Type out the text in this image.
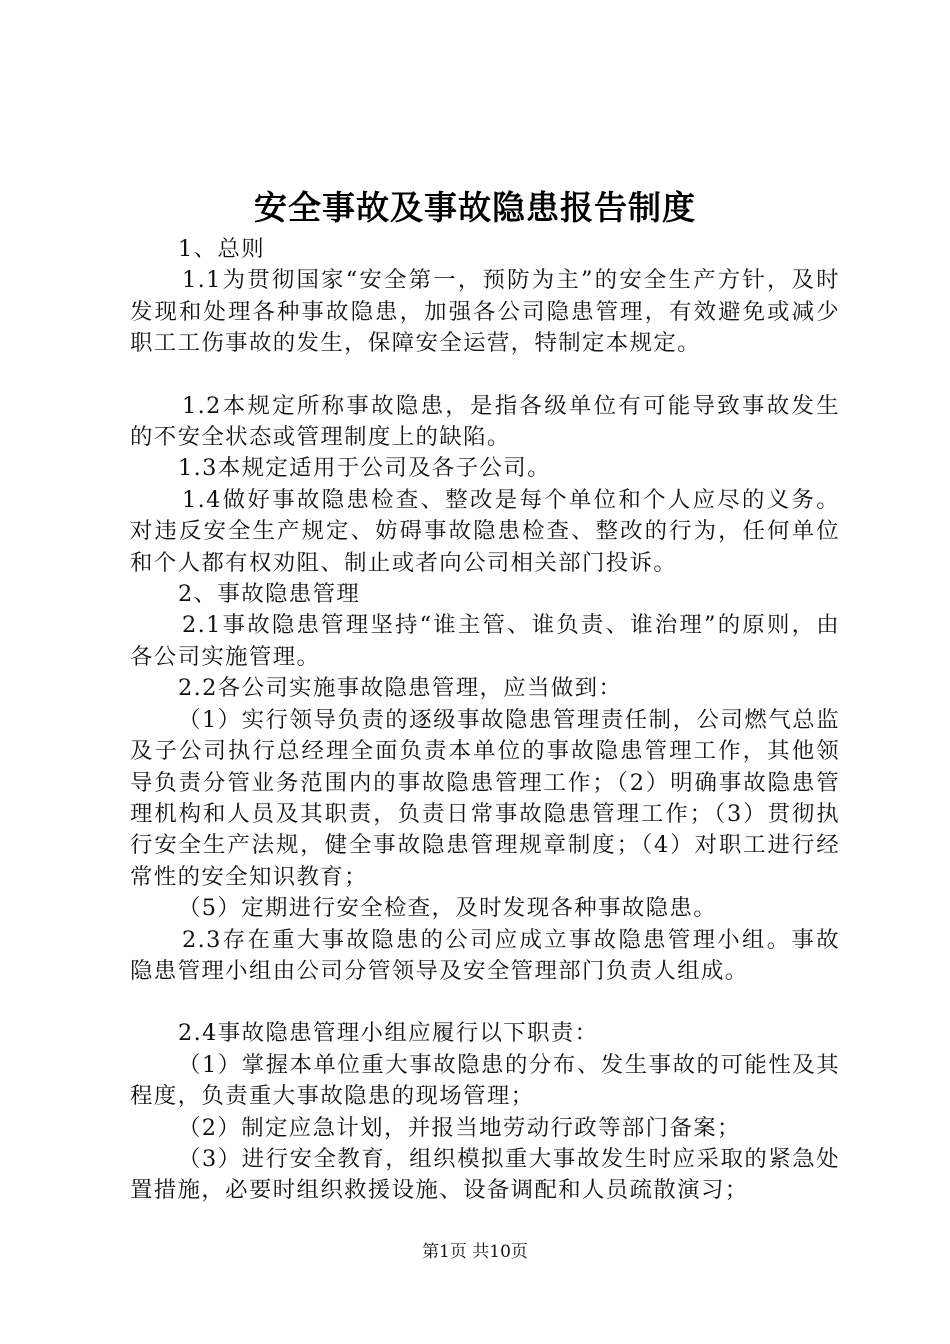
安全事故及事故隐患报告制度

1、总则

1.1为贯彻国家“安全第一，预防为主”的安全生产方针，及时发现和处理各种事故隐患，加强各公司隐患管理，有效避免或减少职工工伤事故的发生，保障安全运营，特制定本规定。

1.2本规定所称事故隐患，是指各级单位有可能导致事故发生的不安全状态或管理制度上的缺陷。

1.3本规定适用于公司及各子公司。

1.4做好事故隐患检查、整改是每个单位和个人应尽的义务。对违反安全生产规定、妨碍事故隐患检查、整改的行为，任何单位和个人都有权劝阻、制止或者向公司相关部门投诉。

2、事故隐患管理

2.1事故隐患管理坚持“谁主管、谁负责、谁治理”的原则，由各公司实施管理。

2.2各公司实施事故隐患管理，应当做到：

（1）实行领导负责的逐级事故隐患管理责任制，公司燃气总监及子公司执行总经理全面负责本单位的事故隐患管理工作，其他领导负责分管业务范围内的事故隐患管理工作；（2）明确事故隐患管理机构和人员及其职责，负责日常事故隐患管理工作；（3）贯彻执行安全生产法规，健全事故隐患管理规章制度；（4）对职工进行经常性的安全知识教育；

（5）定期进行安全检查，及时发现各种事故隐患。

2.3存在重大事故隐患的公司应成立事故隐患管理小组。事故隐患管理小组由公司分管领导及安全管理部门负责人组成。

2.4事故隐患管理小组应履行以下职责：

（1）掌握本单位重大事故隐患的分布、发生事故的可能性及其程度，负责重大事故隐患的现场管理；

（2）制定应急计划，并报当地劳动行政等部门备案；

（3）进行安全教育，组织模拟重大事故发生时应采取的紧急处置措施，必要时组织救援设施、设备调配和人员疏散演习；

第1页 共10页
